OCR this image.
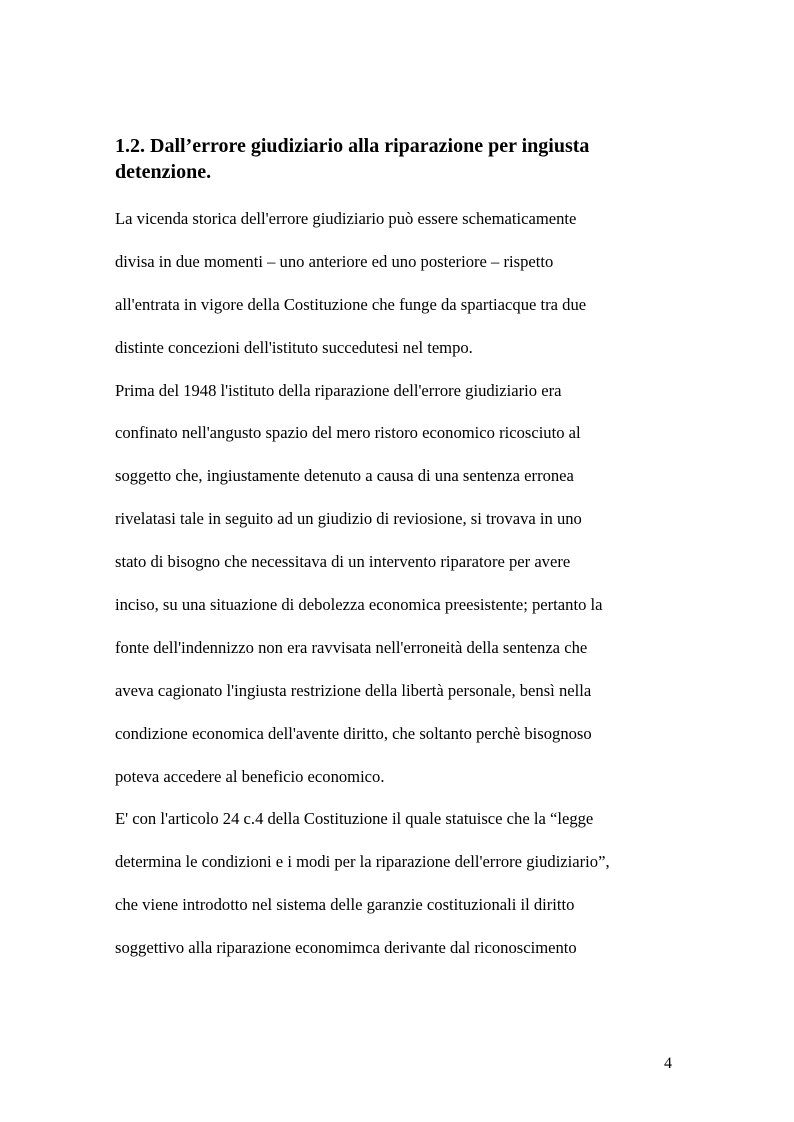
1.2. Dall’errore giudiziario alla riparazione per ingiusta
detenzione.
La vicenda storica dell'errore giudiziario può essere schematicamente
divisa in due momenti – uno anteriore ed uno posteriore – rispetto
all'entrata in vigore della Costituzione che funge da spartiacque tra due
distinte concezioni dell'istituto succedutesi nel tempo.
Prima del 1948 l'istituto della riparazione dell'errore giudiziario era
confinato nell'angusto spazio del mero ristoro economico ricosciuto al
soggetto che, ingiustamente detenuto a causa di una sentenza erronea
rivelatasi tale in seguito ad un giudizio di reviosione, si trovava in uno
stato di bisogno che necessitava di un intervento riparatore per avere
inciso, su una situazione di debolezza economica preesistente; pertanto la
fonte dell'indennizzo non era ravvisata nell'erroneità della sentenza che
aveva cagionato l'ingiusta restrizione della libertà personale, bensì nella
condizione economica dell'avente diritto, che soltanto perchè bisognoso
poteva accedere al beneficio economico.
E' con l'articolo 24 c.4 della Costituzione il quale statuisce che la “legge
determina le condizioni e i modi per la riparazione dell'errore giudiziario”,
che viene introdotto nel sistema delle garanzie costituzionali il diritto
soggettivo alla riparazione economimca derivante dal riconoscimento
4
